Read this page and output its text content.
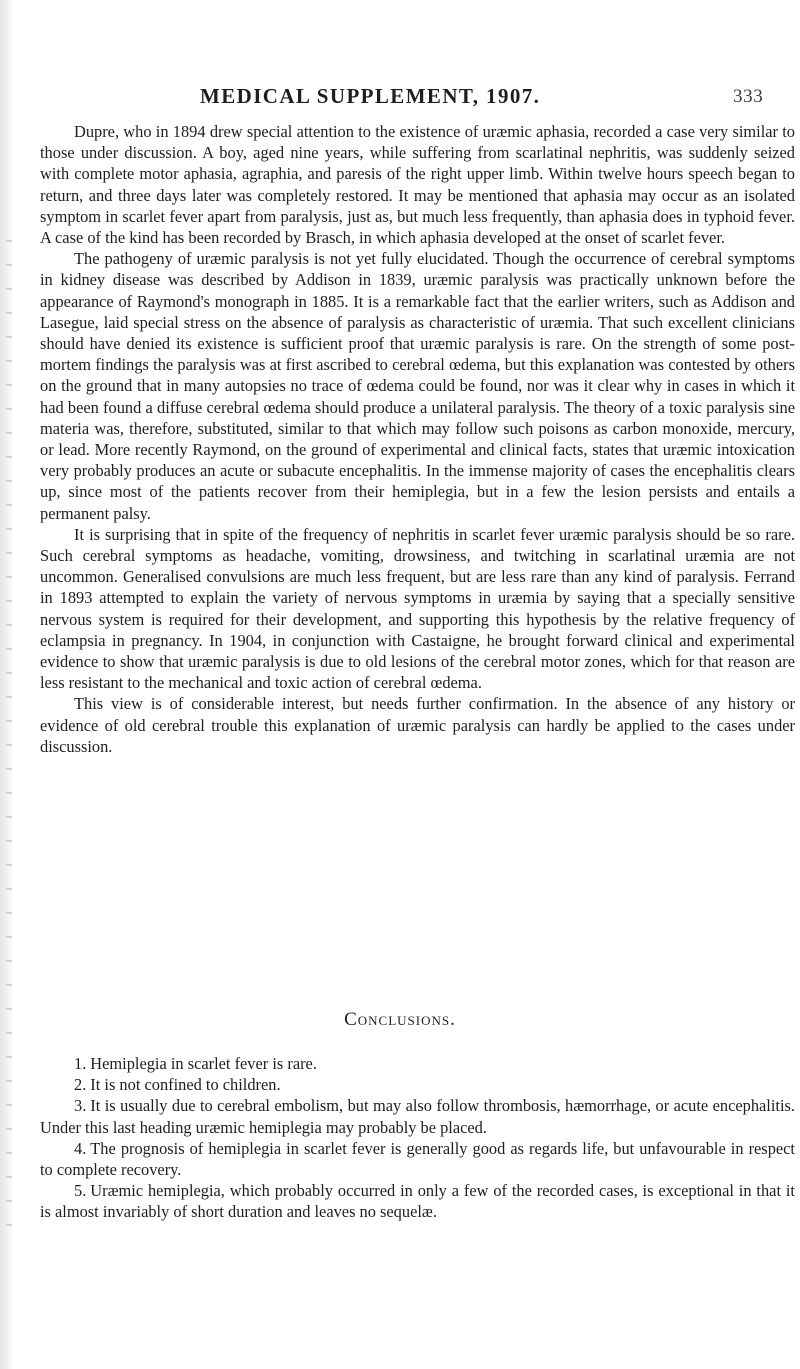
MEDICAL SUPPLEMENT, 1907.	333

Dupre, who in 1894 drew special attention to the existence of uræmic aphasia, recorded a case very similar to those under discussion. A boy, aged nine years, while suffering from scarlatinal nephritis, was suddenly seized with complete motor aphasia, agraphia, and paresis of the right upper limb. Within twelve hours speech began to return, and three days later was completely restored. It may be mentioned that aphasia may occur as an isolated symptom in scarlet fever apart from paralysis, just as, but much less frequently, than aphasia does in typhoid fever. A case of the kind has been recorded by Brasch, in which aphasia developed at the onset of scarlet fever.

The pathogeny of uræmic paralysis is not yet fully elucidated. Though the occurrence of cerebral symptoms in kidney disease was described by Addison in 1839, uræmic paralysis was practically unknown before the appearance of Raymond's monograph in 1885. It is a remarkable fact that the earlier writers, such as Addison and Lasegue, laid special stress on the absence of paralysis as characteristic of uræmia. That such excellent clinicians should have denied its existence is sufficient proof that uræmic paralysis is rare. On the strength of some post-mortem findings the paralysis was at first ascribed to cerebral œdema, but this explanation was contested by others on the ground that in many autopsies no trace of œdema could be found, nor was it clear why in cases in which it had been found a diffuse cerebral œdema should produce a unilateral paralysis. The theory of a toxic paralysis sine materia was, therefore, substituted, similar to that which may follow such poisons as carbon monoxide, mercury, or lead. More recently Raymond, on the ground of experimental and clinical facts, states that uræmic intoxication very probably produces an acute or subacute encephalitis. In the immense majority of cases the encephalitis clears up, since most of the patients recover from their hemiplegia, but in a few the lesion persists and entails a permanent palsy.

It is surprising that in spite of the frequency of nephritis in scarlet fever uræmic paralysis should be so rare. Such cerebral symptoms as headache, vomiting, drowsiness, and twitching in scarlatinal uræmia are not uncommon. Generalised convulsions are much less frequent, but are less rare than any kind of paralysis. Ferrand in 1893 attempted to explain the variety of nervous symptoms in uræmia by saying that a specially sensitive nervous system is required for their development, and supporting this hypothesis by the relative frequency of eclampsia in pregnancy. In 1904, in conjunction with Castaigne, he brought forward clinical and experimental evidence to show that uræmic paralysis is due to old lesions of the cerebral motor zones, which for that reason are less resistant to the mechanical and toxic action of cerebral œdema.

This view is of considerable interest, but needs further confirmation. In the absence of any history or evidence of old cerebral trouble this explanation of uræmic paralysis can hardly be applied to the cases under discussion.

Conclusions.

1. Hemiplegia in scarlet fever is rare.

2. It is not confined to children.

3. It is usually due to cerebral embolism, but may also follow thrombosis, hæmorrhage, or acute encephalitis. Under this last heading uræmic hemiplegia may probably be placed.

4. The prognosis of hemiplegia in scarlet fever is generally good as regards life, but unfavourable in respect to complete recovery.

5. Uræmic hemiplegia, which probably occurred in only a few of the recorded cases, is exceptional in that it is almost invariably of short duration and leaves no sequelæ.
